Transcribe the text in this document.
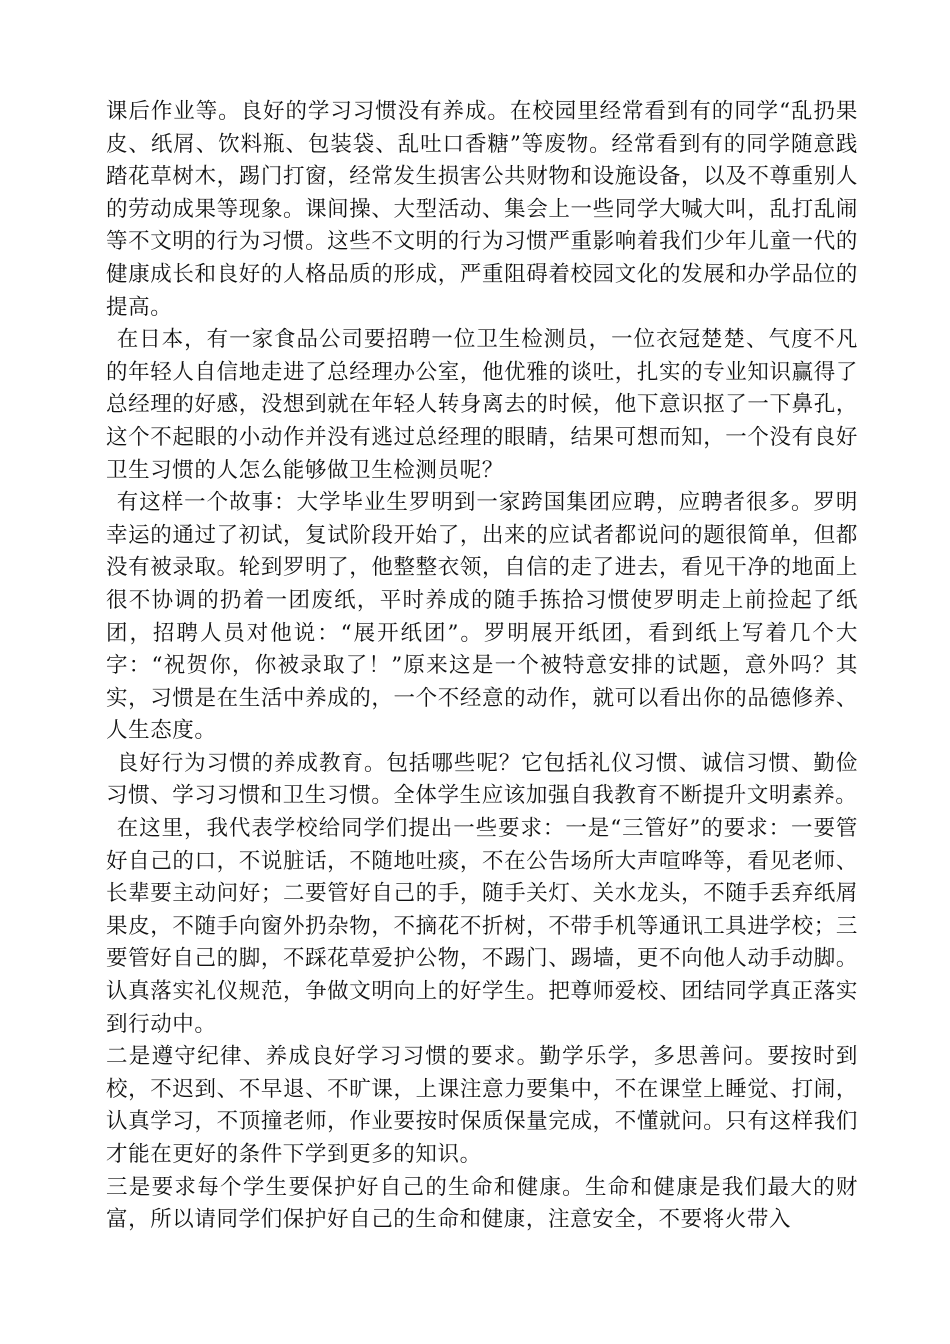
课后作业等。良好的学习习惯没有养成。在校园里经常看到有的同学“乱扔果皮、纸屑、饮料瓶、包装袋、乱吐口香糖”等废物。经常看到有的同学随意践踏花草树木，踢门打窗，经常发生损害公共财物和设施设备，以及不尊重别人的劳动成果等现象。课间操、大型活动、集会上一些同学大喊大叫，乱打乱闹等不文明的行为习惯。这些不文明的行为习惯严重影响着我们少年儿童一代的健康成长和良好的人格品质的形成，严重阻碍着校园文化的发展和办学品位的提高。

在日本，有一家食品公司要招聘一位卫生检测员，一位衣冠楚楚、气度不凡的年轻人自信地走进了总经理办公室，他优雅的谈吐，扎实的专业知识赢得了总经理的好感，没想到就在年轻人转身离去的时候，他下意识抠了一下鼻孔，这个不起眼的小动作并没有逃过总经理的眼睛，结果可想而知，一个没有良好卫生习惯的人怎么能够做卫生检测员呢？

有这样一个故事：大学毕业生罗明到一家跨国集团应聘，应聘者很多。罗明幸运的通过了初试，复试阶段开始了，出来的应试者都说问的题很简单，但都没有被录取。轮到罗明了，他整整衣领，自信的走了进去，看见干净的地面上很不协调的扔着一团废纸，平时养成的随手拣拾习惯使罗明走上前捡起了纸团，招聘人员对他说：“展开纸团”。罗明展开纸团，看到纸上写着几个大字：“祝贺你，你被录取了！”原来这是一个被特意安排的试题，意外吗？其实，习惯是在生活中养成的，一个不经意的动作，就可以看出你的品德修养、人生态度。

良好行为习惯的养成教育。包括哪些呢？它包括礼仪习惯、诚信习惯、勤俭习惯、学习习惯和卫生习惯。全体学生应该加强自我教育不断提升文明素养。

在这里，我代表学校给同学们提出一些要求：一是“三管好”的要求：一要管好自己的口，不说脏话，不随地吐痰，不在公告场所大声喧哗等，看见老师、长辈要主动问好；二要管好自己的手，随手关灯、关水龙头，不随手丢弃纸屑果皮，不随手向窗外扔杂物，不摘花不折树，不带手机等通讯工具进学校；三要管好自己的脚，不踩花草爱护公物，不踢门、踢墙，更不向他人动手动脚。认真落实礼仪规范，争做文明向上的好学生。把尊师爱校、团结同学真正落实到行动中。

二是遵守纪律、养成良好学习习惯的要求。勤学乐学，多思善问。要按时到校，不迟到、不早退、不旷课，上课注意力要集中，不在课堂上睡觉、打闹，认真学习，不顶撞老师，作业要按时保质保量完成，不懂就问。只有这样我们才能在更好的条件下学到更多的知识。

三是要求每个学生要保护好自己的生命和健康。生命和健康是我们最大的财富，所以请同学们保护好自己的生命和健康，注意安全，不要将火带入
